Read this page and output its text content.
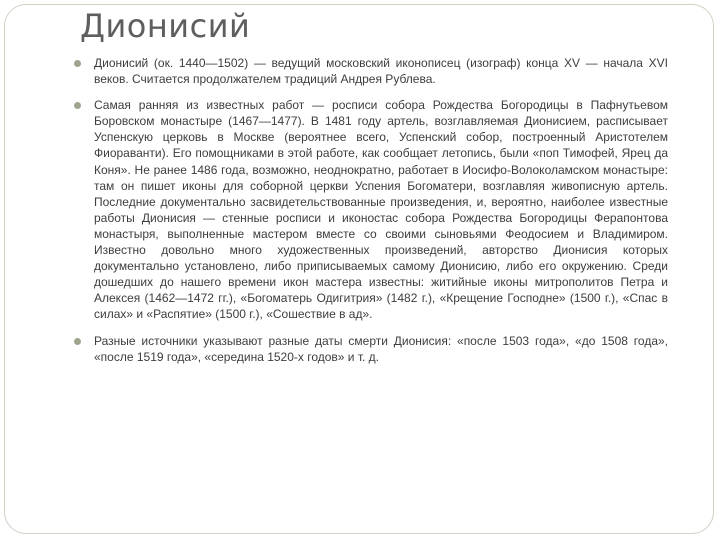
Дионисий
Дионисий (ок. 1440—1502) — ведущий московский иконописец (изограф) конца XV — начала XVI веков. Считается продолжателем традиций Андрея Рублева.
Самая ранняя из известных работ — росписи собора Рождества Богородицы в Пафнутьевом Боровском монастыре (1467—1477). В 1481 году артель, возглавляемая Дионисием, расписывает Успенскую церковь в Москве (вероятнее всего, Успенский собор, построенный Аристотелем Фиораванти). Его помощниками в этой работе, как сообщает летопись, были «поп Тимофей, Ярец да Коня». Не ранее 1486 года, возможно, неоднократно, работает в Иосифо-Волоколамском монастыре: там он пишет иконы для соборной церкви Успения Богоматери, возглавляя живописную артель. Последние документально засвидетельствованные произведения, и, вероятно, наиболее известные работы Дионисия — стенные росписи и иконостас собора Рождества Богородицы Ферапонтова монастыря, выполненные мастером вместе со своими сыновьями Феодосием и Владимиром. Известно довольно много художественных произведений, авторство Дионисия которых документально установлено, либо приписываемых самому Дионисию, либо его окружению. Среди дошедших до нашего времени икон мастера известны: житийные иконы митрополитов Петра и Алексея (1462—1472 гг.), «Богоматерь Одигитрия» (1482 г.), «Крещение Господне» (1500 г.), «Спас в силах» и «Распятие» (1500 г.), «Сошествие в ад».
Разные источники указывают разные даты смерти Дионисия: «после 1503 года», «до 1508 года», «после 1519 года», «середина 1520-х годов» и т. д.
